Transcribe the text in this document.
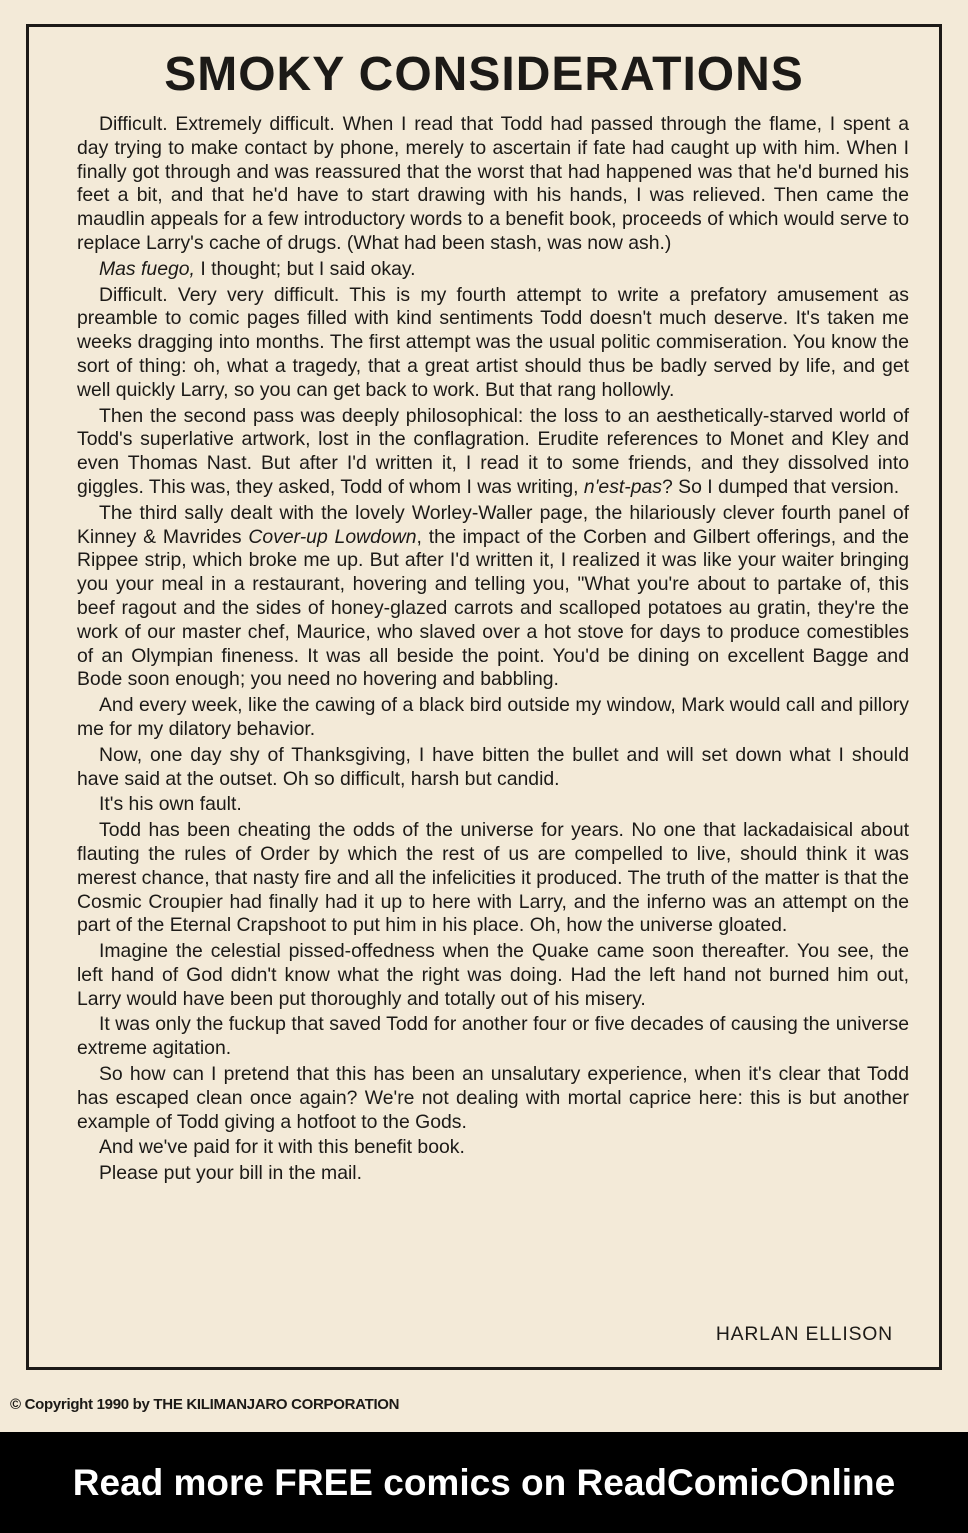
SMOKY CONSIDERATIONS

Difficult. Extremely difficult. When I read that Todd had passed through the flame, I spent a day trying to make contact by phone, merely to ascertain if fate had caught up with him. When I finally got through and was reassured that the worst that had happened was that he'd burned his feet a bit, and that he'd have to start drawing with his hands, I was relieved. Then came the maudlin appeals for a few introductory words to a benefit book, proceeds of which would serve to replace Larry's cache of drugs. (What had been stash, was now ash.)

Mas fuego, I thought; but I said okay.

Difficult. Very very difficult. This is my fourth attempt to write a prefatory amusement as preamble to comic pages filled with kind sentiments Todd doesn't much deserve. It's taken me weeks dragging into months. The first attempt was the usual politic commiseration. You know the sort of thing: oh, what a tragedy, that a great artist should thus be badly served by life, and get well quickly Larry, so you can get back to work. But that rang hollowly.

Then the second pass was deeply philosophical: the loss to an aesthetically-starved world of Todd's superlative artwork, lost in the conflagration. Erudite references to Monet and Kley and even Thomas Nast. But after I'd written it, I read it to some friends, and they dissolved into giggles. This was, they asked, Todd of whom I was writing, n'est-pas? So I dumped that version.

The third sally dealt with the lovely Worley-Waller page, the hilariously clever fourth panel of Kinney & Mavrides Cover-up Lowdown, the impact of the Corben and Gilbert offerings, and the Rippee strip, which broke me up. But after I'd written it, I realized it was like your waiter bringing you your meal in a restaurant, hovering and telling you, "What you're about to partake of, this beef ragout and the sides of honey-glazed carrots and scalloped potatoes au gratin, they're the work of our master chef, Maurice, who slaved over a hot stove for days to produce comestibles of an Olympian fineness. It was all beside the point. You'd be dining on excellent Bagge and Bode soon enough; you need no hovering and babbling.

And every week, like the cawing of a black bird outside my window, Mark would call and pillory me for my dilatory behavior.

Now, one day shy of Thanksgiving, I have bitten the bullet and will set down what I should have said at the outset. Oh so difficult, harsh but candid.

It's his own fault.

Todd has been cheating the odds of the universe for years. No one that lackadaisical about flauting the rules of Order by which the rest of us are compelled to live, should think it was merest chance, that nasty fire and all the infelicities it produced. The truth of the matter is that the Cosmic Croupier had finally had it up to here with Larry, and the inferno was an attempt on the part of the Eternal Crapshoot to put him in his place. Oh, how the universe gloated.

Imagine the celestial pissed-offedness when the Quake came soon thereafter. You see, the left hand of God didn't know what the right was doing. Had the left hand not burned him out, Larry would have been put thoroughly and totally out of his misery.

It was only the fuckup that saved Todd for another four or five decades of causing the universe extreme agitation.

So how can I pretend that this has been an unsalutary experience, when it's clear that Todd has escaped clean once again? We're not dealing with mortal caprice here: this is but another example of Todd giving a hotfoot to the Gods.

And we've paid for it with this benefit book.

Please put your bill in the mail.

HARLAN ELLISON
© Copyright 1990 by THE KILIMANJARO CORPORATION
Read more FREE comics on ReadComicOnline
